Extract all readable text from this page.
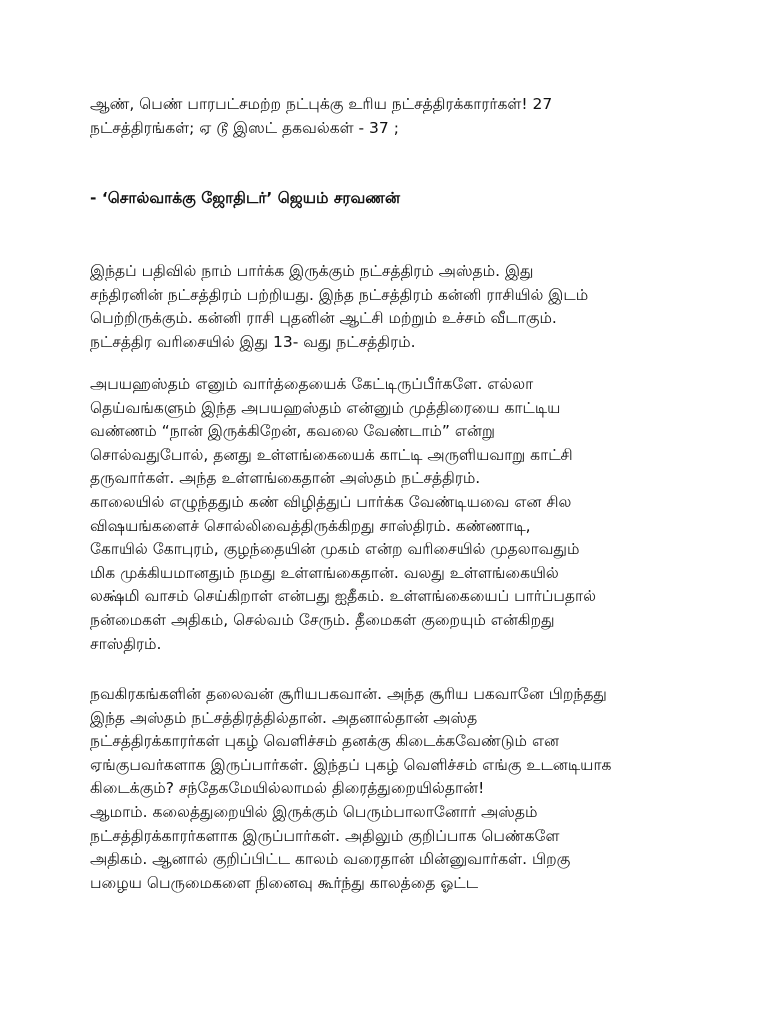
ஆண், பெண் பாரபட்சமற்ற நட்புக்கு உரிய நட்சத்திரக்காரர்கள்! 27
நட்சத்திரங்கள்; ஏ டூ இஸட் தகவல்கள் - 37 ;

- ‘சொல்வாக்கு ஜோதிடர்’ ஜெயம் சரவணன்

இந்தப் பதிவில் நாம் பார்க்க இருக்கும் நட்சத்திரம் அஸ்தம். இது
சந்திரனின் நட்சத்திரம் பற்றியது. இந்த நட்சத்திரம் கன்னி ராசியில் இடம்
பெற்றிருக்கும். கன்னி ராசி புதனின் ஆட்சி மற்றும் உச்சம் வீடாகும்.
நட்சத்திர வரிசையில் இது 13- வது நட்சத்திரம்.

அபயஹஸ்தம் எனும் வார்த்தையைக் கேட்டிருப்பீர்களே. எல்லா
தெய்வங்களும் இந்த அபயஹஸ்தம் என்னும் முத்திரையை காட்டிய
வண்ணம் “நான் இருக்கிறேன், கவலை வேண்டாம்” என்று
சொல்வதுபோல், தனது உள்ளங்கையைக் காட்டி அருளியவாறு காட்சி
தருவார்கள். அந்த உள்ளங்கைதான் அஸ்தம் நட்சத்திரம்.
காலையில் எழுந்ததும் கண் விழித்துப் பார்க்க வேண்டியவை என சில
விஷயங்களைச் சொல்லிவைத்திருக்கிறது சாஸ்திரம். கண்ணாடி,
கோயில் கோபுரம், குழந்தையின் முகம் என்ற வரிசையில் முதலாவதும்
மிக முக்கியமானதும் நமது உள்ளங்கைதான். வலது உள்ளங்கையில்
லக்ஷ்மி வாசம் செய்கிறாள் என்பது ஐதீகம். உள்ளங்கையைப் பார்ப்பதால்
நன்மைகள் அதிகம், செல்வம் சேரும். தீமைகள் குறையும் என்கிறது
சாஸ்திரம்.

நவகிரகங்களின் தலைவன் சூரியபகவான். அந்த சூரிய பகவானே பிறந்தது
இந்த அஸ்தம் நட்சத்திரத்தில்தான். அதனால்தான் அஸ்த
நட்சத்திரக்காரர்கள் புகழ் வெளிச்சம் தனக்கு கிடைக்கவேண்டும் என
ஏங்குபவர்களாக இருப்பார்கள். இந்தப் புகழ் வெளிச்சம் எங்கு உடனடியாக
கிடைக்கும்? சந்தேகமேயில்லாமல் திரைத்துறையில்தான்!
ஆமாம். கலைத்துறையில் இருக்கும் பெரும்பாலானோர் அஸ்தம்
நட்சத்திரக்காரர்களாக இருப்பார்கள். அதிலும் குறிப்பாக பெண்களே
அதிகம். ஆனால் குறிப்பிட்ட காலம் வரைதான் மின்னுவார்கள். பிறகு
பழைய பெருமைகளை நினைவு கூர்ந்து காலத்தை ஓட்ட
